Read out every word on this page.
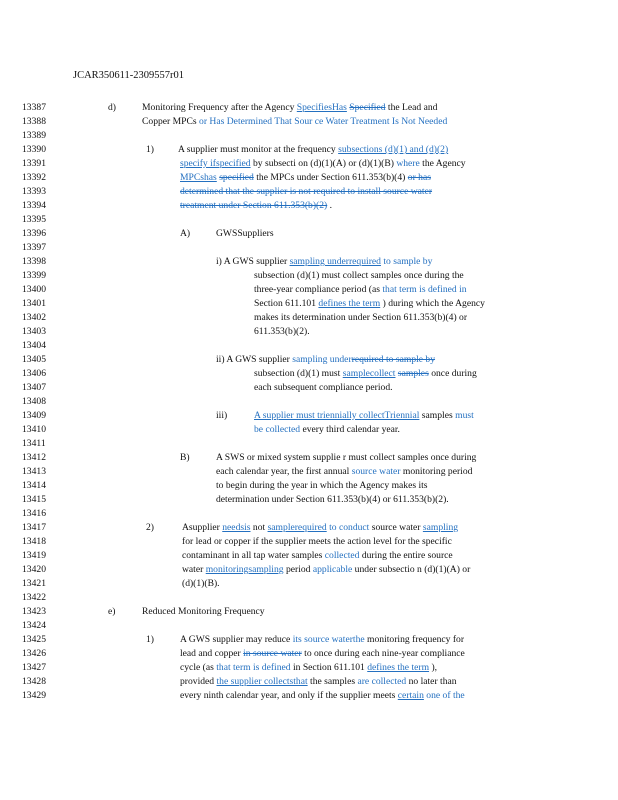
JCAR350611-2309557r01
13387
13388
13389
13390
13391
13392
13393
13394
13395
13396
13397
13398
13399
13400
13401
13402
13403
13404
13405
13406
13407
13408
13409
13410
13411
13412
13413
13414
13415
13416
13417
13418
13419
13420
13421
13422
13423
13424
13425
13426
13427
13428
13429
d)	Monitoring Frequency after the Agency SpecifiesHas Specified the Lead and
Copper MPCs or Has Determined That Sour ce Water Treatment Is Not Needed
1)	A supplier must monitor at the frequency subsections (d)(1) and (d)(2)
specify ifspecified by subsecti on (d)(1)(A) or (d)(1)(B) where the Agency
MPCshas specified the MPCs under Section 611.353(b)(4) or has
determined that the supplier is not required to install source water
treatment under Section 611.353(b)(2) .
A)	GWSSuppliers
i) A GWS supplier sampling underrequired to sample by
subsection (d)(1) must collect samples once during the
three-year compliance period (as that term is defined in
Section 611.101 defines the term ) during which the Agency
makes its determination under Section 611.353(b)(4) or
611.353(b)(2).
ii) A GWS supplier sampling underrequired to sample by
subsection (d)(1) must samplecollect samples once during
each subsequent compliance period.
iii)	A supplier must triennially collectTriennial samples must
be collected every third calendar year.
B)	A SWS or mixed system supplie r must collect samples once during
each calendar year, the first annual source water monitoring period
to begin during the year in which the Agency makes its
determination under Section 611.353(b)(4) or 611.353(b)(2).
2)	Asupplier needsis not samplerequired to conduct source water sampling
for lead or copper if the supplier meets the action level for the specific
contaminant in all tap water samples collected during the entire source
water monitoringsampling period applicable under subsectio n (d)(1)(A) or
(d)(1)(B).
e)	Reduced Monitoring Frequency
1)	A GWS supplier may reduce its source waterthe monitoring frequency for
lead and copper in source water to once during each nine-year compliance
cycle (as that term is defined in Section 611.101 defines the term ),
provided the supplier collectsthat the samples are collected no later than
every ninth calendar year, and only if the supplier meets certain one of the
